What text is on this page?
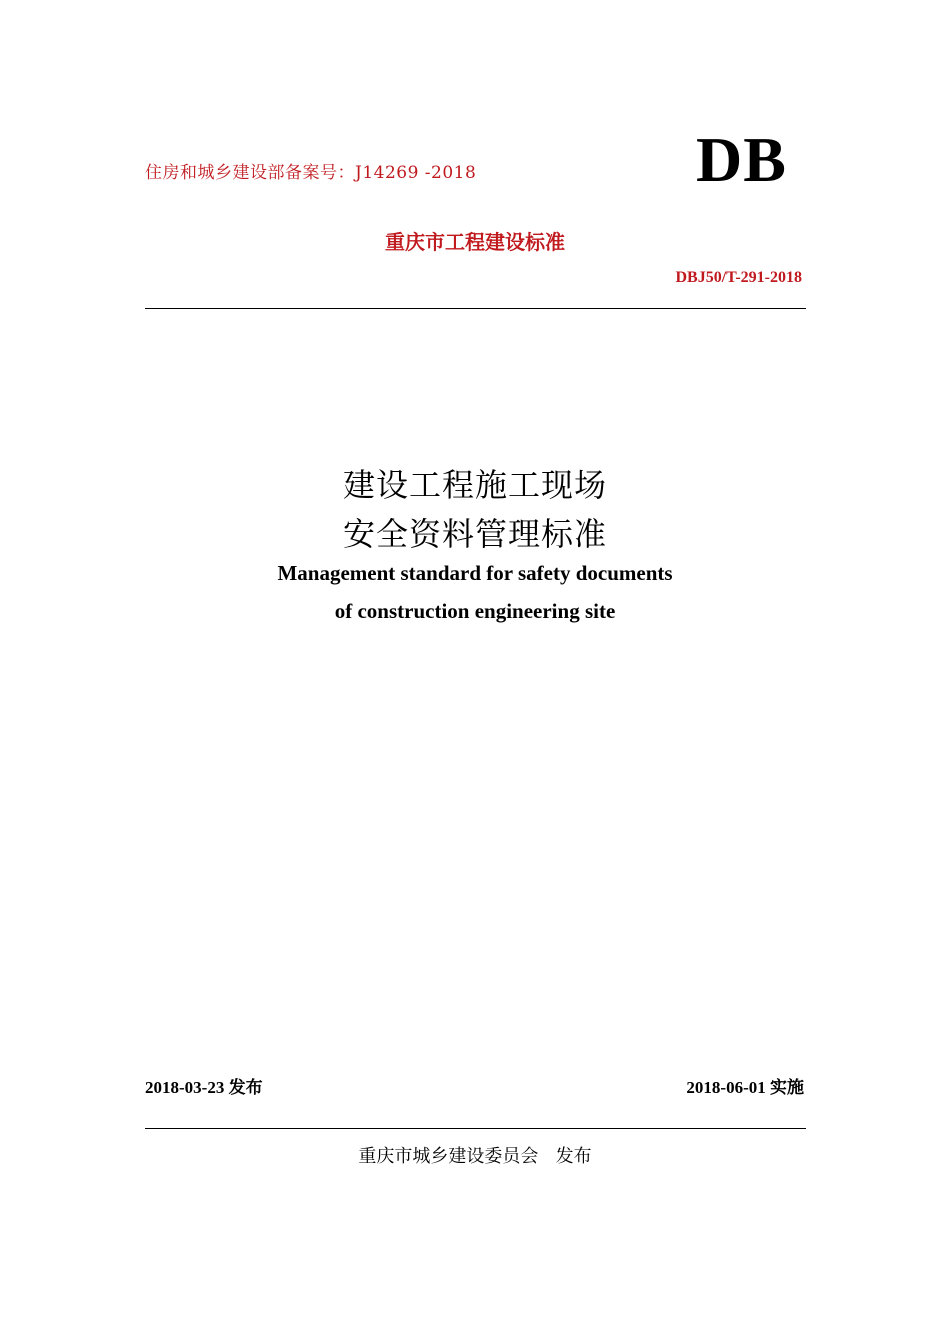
住房和城乡建设部备案号：J14269 -2018	DB
重庆市工程建设标准
DBJ50/T-291-2018
建设工程施工现场
安全资料管理标准
Management standard for safety documents
of construction engineering site
2018-03-23 发布	2018-06-01 实施
重庆市城乡建设委员会   发布
